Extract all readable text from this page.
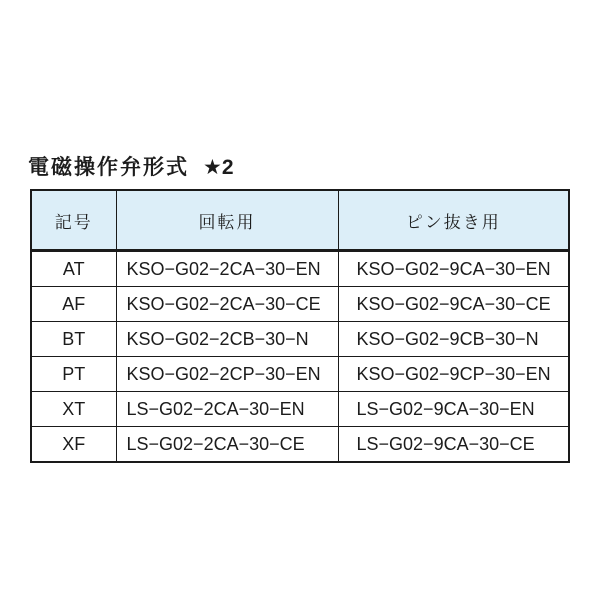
電磁操作弁形式 ★2
記号	回転用	ピン抜き用
AT	KSO−G02−2CA−30−EN	KSO−G02−9CA−30−EN
AF	KSO−G02−2CA−30−CE	KSO−G02−9CA−30−CE
BT	KSO−G02−2CB−30−N	KSO−G02−9CB−30−N
PT	KSO−G02−2CP−30−EN	KSO−G02−9CP−30−EN
XT	LS−G02−2CA−30−EN	LS−G02−9CA−30−EN
XF	LS−G02−2CA−30−CE	LS−G02−9CA−30−CE
